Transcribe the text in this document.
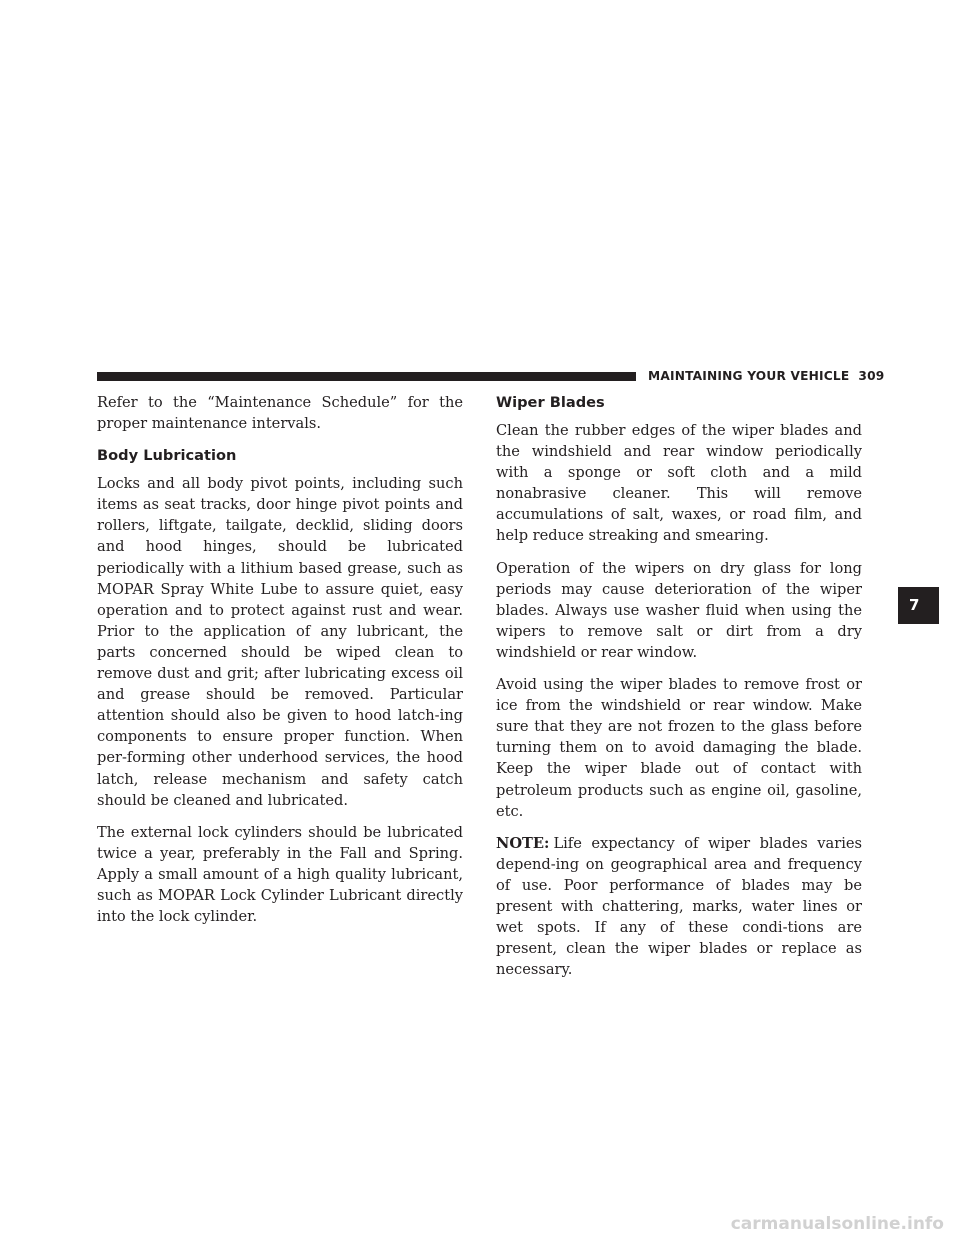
MAINTAINING YOUR VEHICLE 309

Refer to the “Maintenance Schedule” for the proper maintenance intervals.

Body Lubrication

Locks and all body pivot points, including such items as seat tracks, door hinge pivot points and rollers, liftgate, tailgate, decklid, sliding doors and hood hinges, should be lubricated periodically with a lithium based grease, such as MOPAR Spray White Lube to assure quiet, easy operation and to protect against rust and wear. Prior to the application of any lubricant, the parts concerned should be wiped clean to remove dust and grit; after lubricating excess oil and grease should be removed. Particular attention should also be given to hood latch-ing components to ensure proper function. When per-forming other underhood services, the hood latch, release mechanism and safety catch should be cleaned and lubricated.

The external lock cylinders should be lubricated twice a year, preferably in the Fall and Spring. Apply a small amount of a high quality lubricant, such as MOPAR Lock Cylinder Lubricant directly into the lock cylinder.

Wiper Blades

Clean the rubber edges of the wiper blades and the windshield and rear window periodically with a sponge or soft cloth and a mild nonabrasive cleaner. This will remove accumulations of salt, waxes, or road film, and help reduce streaking and smearing.

Operation of the wipers on dry glass for long periods may cause deterioration of the wiper blades. Always use washer fluid when using the wipers to remove salt or dirt from a dry windshield or rear window.

Avoid using the wiper blades to remove frost or ice from the windshield or rear window. Make sure that they are not frozen to the glass before turning them on to avoid damaging the blade. Keep the wiper blade out of contact with petroleum products such as engine oil, gasoline, etc.

NOTE: Life expectancy of wiper blades varies depend-ing on geographical area and frequency of use. Poor performance of blades may be present with chattering, marks, water lines or wet spots. If any of these condi-tions are present, clean the wiper blades or replace as necessary.

7
carmanualsonline.info
